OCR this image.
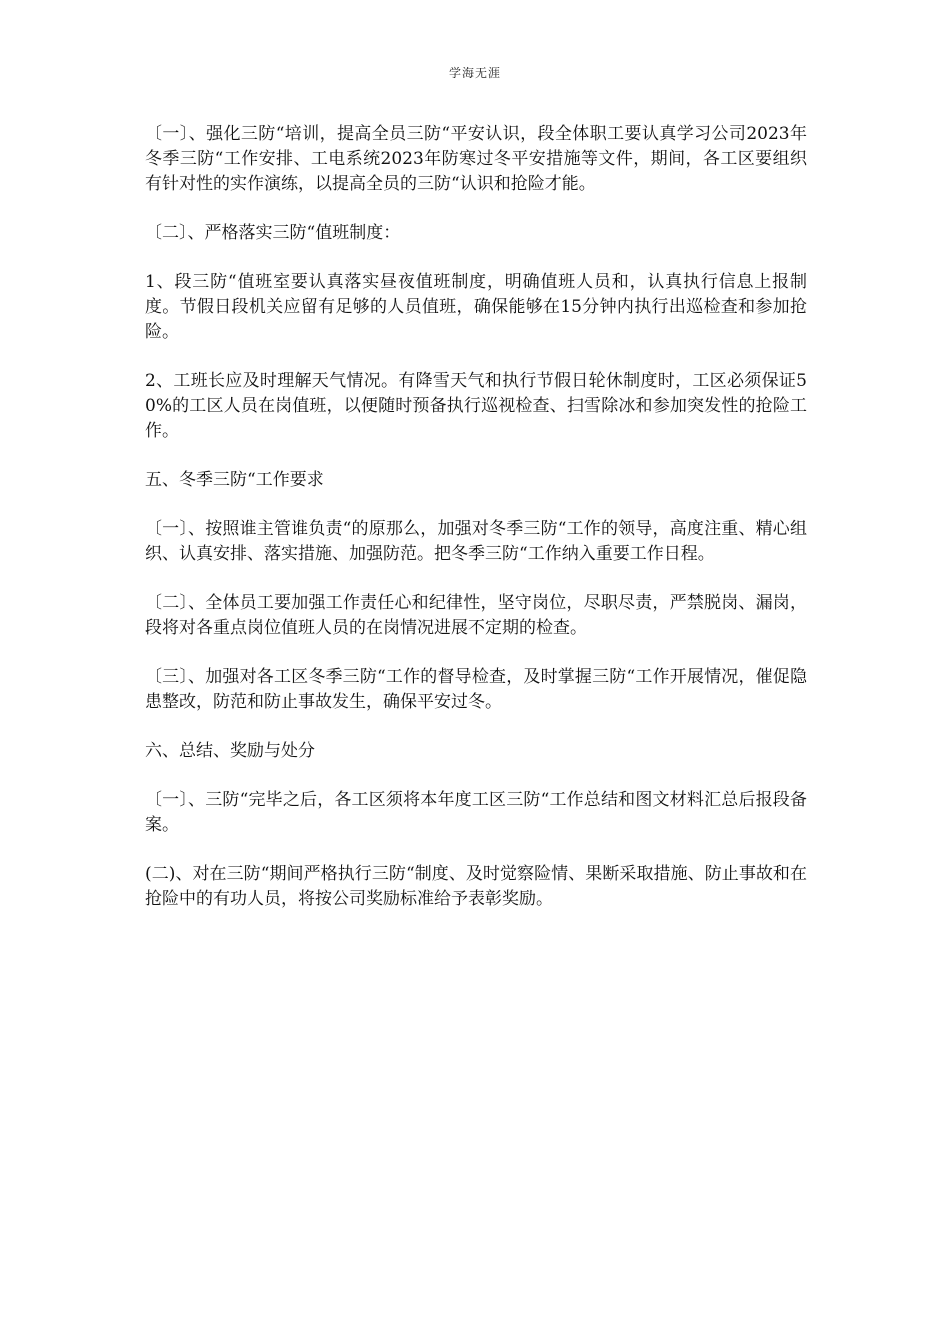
学海无涯

〔一〕、强化三防“培训，提高全员三防“平安认识，段全体职工要认真学习公司2023年冬季三防“工作安排、工电系统2023年防寒过冬平安措施等文件，期间，各工区要组织有针对性的实作演练，以提高全员的三防“认识和抢险才能。

〔二〕、严格落实三防“值班制度：

1、段三防“值班室要认真落实昼夜值班制度，明确值班人员和，认真执行信息上报制度。节假日段机关应留有足够的人员值班，确保能够在15分钟内执行出巡检查和参加抢险。

2、工班长应及时理解天气情况。有降雪天气和执行节假日轮休制度时，工区必须保证50%的工区人员在岗值班，以便随时预备执行巡视检查、扫雪除冰和参加突发性的抢险工作。

五、冬季三防“工作要求

〔一〕、按照谁主管谁负责“的原那么，加强对冬季三防“工作的领导，高度注重、精心组织、认真安排、落实措施、加强防范。把冬季三防“工作纳入重要工作日程。

〔二〕、全体员工要加强工作责任心和纪律性，坚守岗位，尽职尽责，严禁脱岗、漏岗，段将对各重点岗位值班人员的在岗情况进展不定期的检查。

〔三〕、加强对各工区冬季三防“工作的督导检查，及时掌握三防“工作开展情况，催促隐患整改，防范和防止事故发生，确保平安过冬。

六、总结、奖励与处分

〔一〕、三防“完毕之后，各工区须将本年度工区三防“工作总结和图文材料汇总后报段备案。

(二)、对在三防“期间严格执行三防“制度、及时觉察险情、果断采取措施、防止事故和在抢险中的有功人员，将按公司奖励标准给予表彰奖励。
